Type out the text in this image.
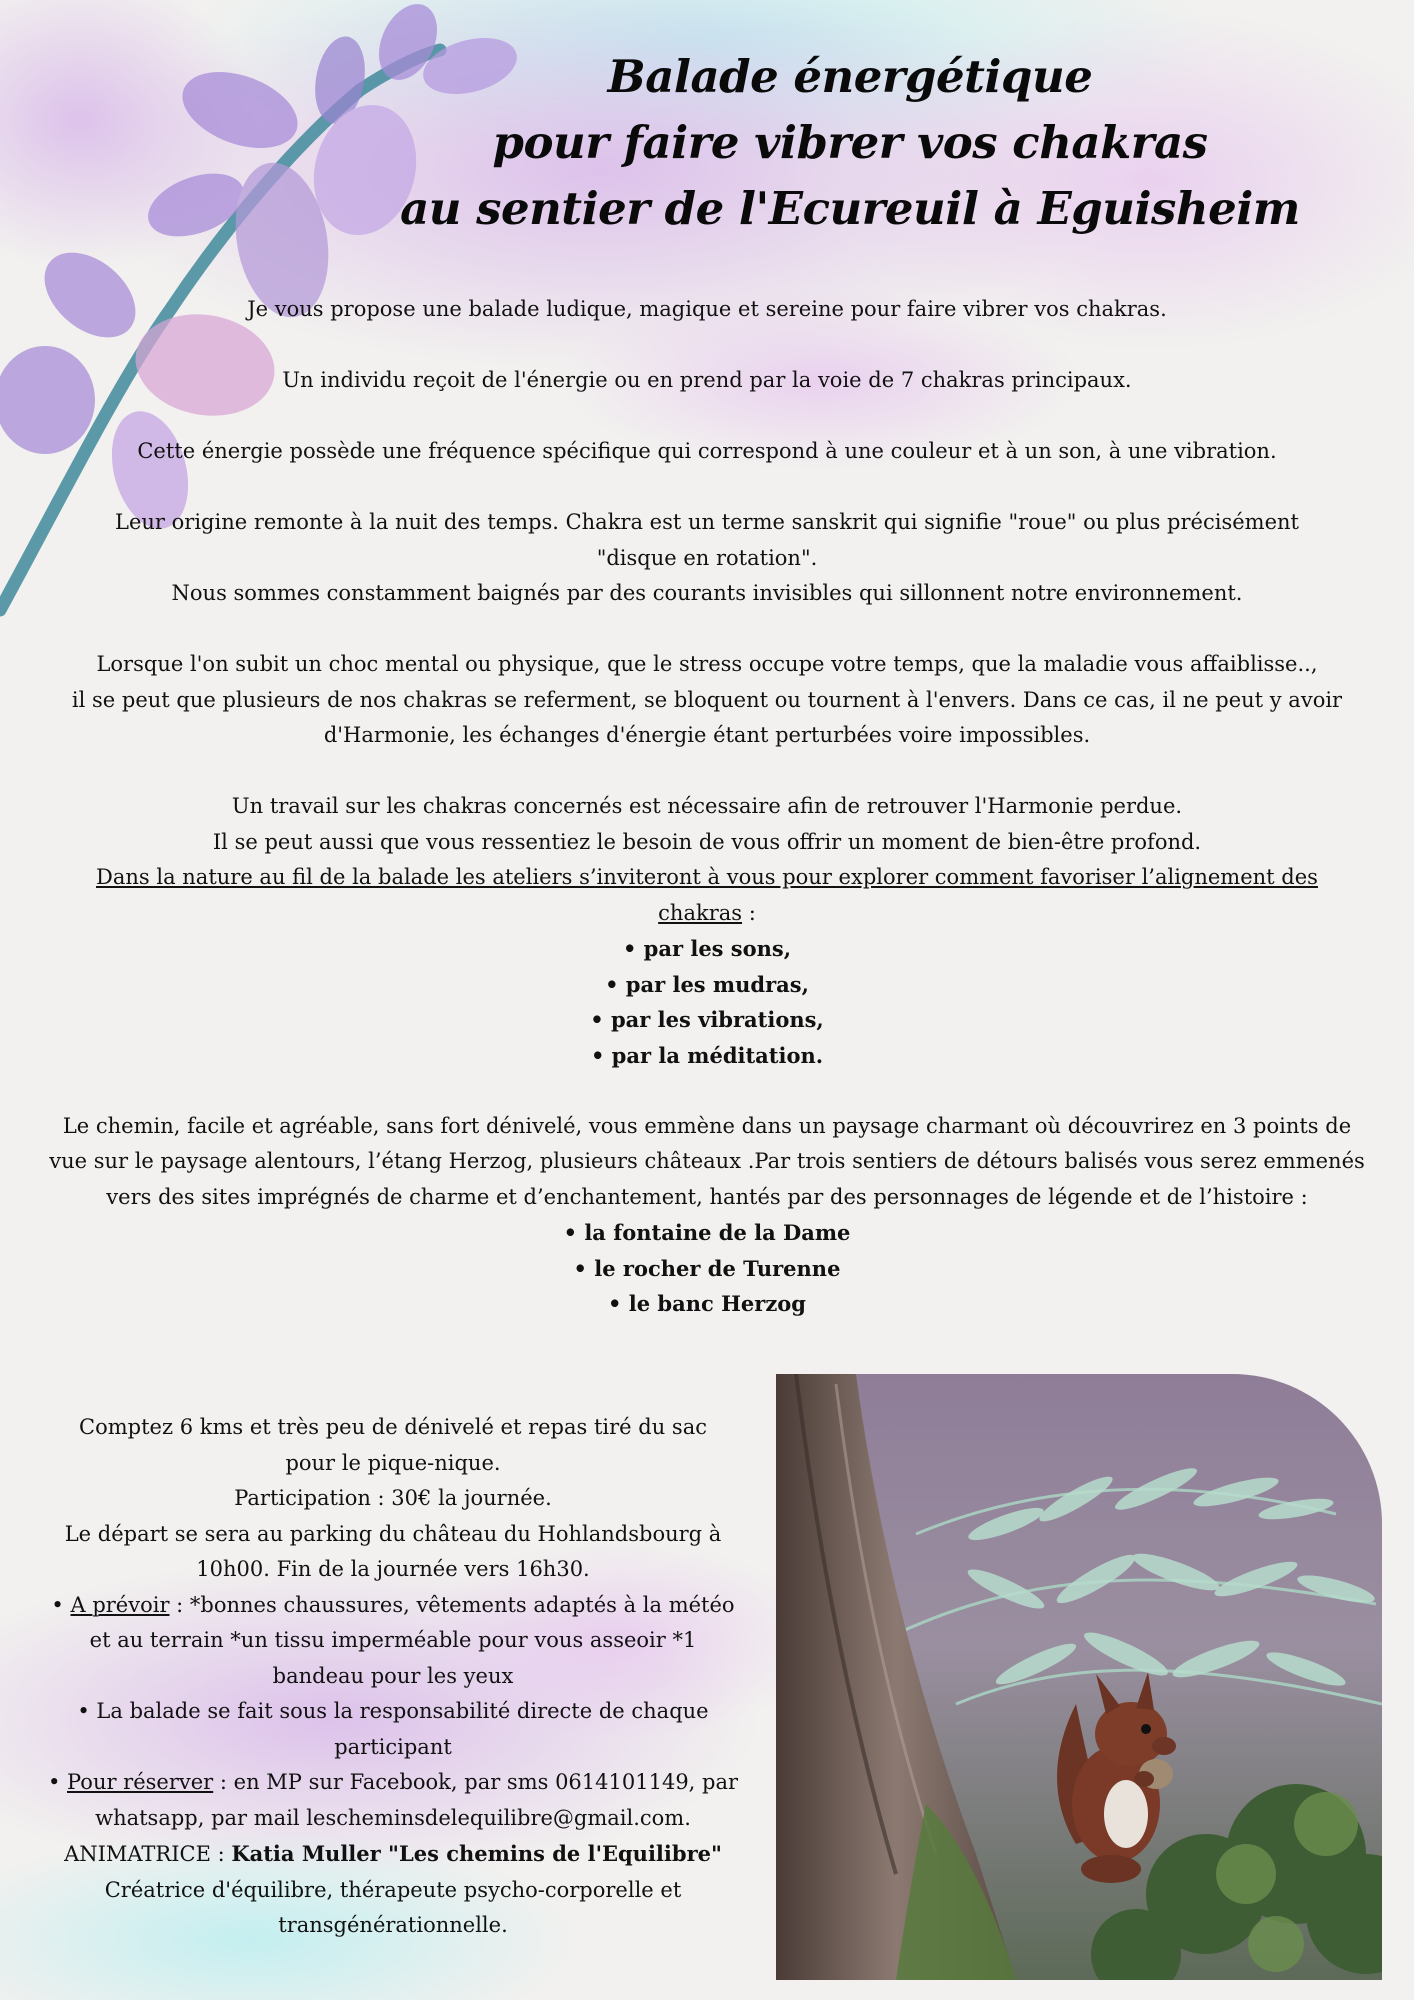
Balade énergétique
pour faire vibrer vos chakras
au sentier de l'Ecureuil à Eguisheim

Je vous propose une balade ludique, magique et sereine pour faire vibrer vos chakras.

Un individu reçoit de l'énergie ou en prend par la voie de 7 chakras principaux.

Cette énergie possède une fréquence spécifique qui correspond à une couleur et à un son, à une vibration.

Leur origine remonte à la nuit des temps. Chakra est un terme sanskrit qui signifie "roue" ou plus précisément

"disque en rotation".

Nous sommes constamment baignés par des courants invisibles qui sillonnent notre environnement.

Lorsque l'on subit un choc mental ou physique, que le stress occupe votre temps, que la maladie vous affaiblisse..,

il se peut que plusieurs de nos chakras se referment, se bloquent ou tournent à l'envers. Dans ce cas, il ne peut y avoir

d'Harmonie, les échanges d'énergie étant perturbées voire impossibles.

Un travail sur les chakras concernés est nécessaire afin de retrouver l'Harmonie perdue.

Il se peut aussi que vous ressentiez le besoin de vous offrir un moment de bien-être profond.

Dans la nature au fil de la balade les ateliers s’inviteront à vous pour explorer comment favoriser l’alignement des

chakras :

• par les sons,

• par les mudras,

• par les vibrations,

• par la méditation.

Le chemin, facile et agréable, sans fort dénivelé, vous emmène dans un paysage charmant où découvrirez en 3 points de

vue sur le paysage alentours, l’étang Herzog, plusieurs châteaux .Par trois sentiers de détours balisés vous serez emmenés

vers des sites imprégnés de charme et d’enchantement, hantés par des personnages de légende et de l’histoire :

• la fontaine de la Dame

• le rocher de Turenne

• le banc Herzog

Comptez 6 kms et très peu de dénivelé et repas tiré du sac

pour le pique-nique.

Participation : 30€ la journée.

Le départ se sera au parking du château du Hohlandsbourg à

10h00. Fin de la journée vers 16h30.

• A prévoir : *bonnes chaussures, vêtements adaptés à la météo

et au terrain *un tissu imperméable pour vous asseoir *1

bandeau pour les yeux

• La balade se fait sous la responsabilité directe de chaque

participant

• Pour réserver : en MP sur Facebook, par sms 0614101149, par

whatsapp, par mail lescheminsdelequilibre@gmail.com.

ANIMATRICE : Katia Muller "Les chemins de l'Equilibre"

Créatrice d'équilibre, thérapeute psycho-corporelle et

transgénérationnelle.
